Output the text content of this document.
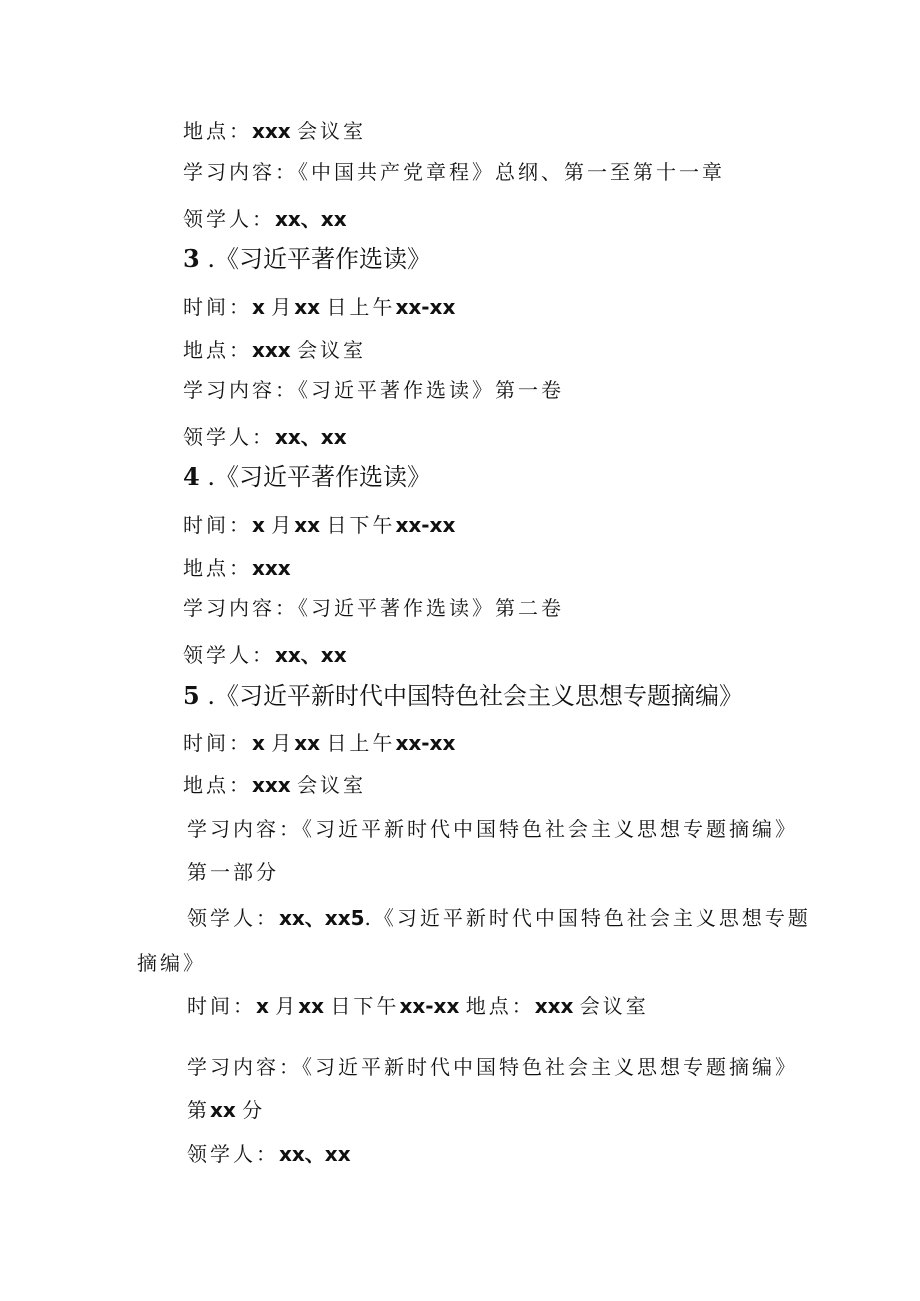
地点：xxx 会议室

学习内容：《中国共产党章程》总纲、第一至第十一章

领学人：xx、xx

3 .《习近平著作选读》

时间：x 月xx 日上午xx-xx

地点：xxx 会议室

学习内容：《习近平著作选读》第一卷

领学人：xx、xx

4 .《习近平著作选读》

时间：x 月xx 日下午xx-xx

地点：xxx

学习内容：《习近平著作选读》第二卷

领学人：xx、xx

5 .《习近平新时代中国特色社会主义思想专题摘编》

时间：x 月xx 日上午xx-xx

地点：xxx 会议室

学习内容：《习近平新时代中国特色社会主义思想专题摘编》

第一部分

领学人：xx、xx5.《习近平新时代中国特色社会主义思想专题

摘编》

时间：x 月xx 日下午xx-xx 地点：xxx 会议室

学习内容：《习近平新时代中国特色社会主义思想专题摘编》

第xx 分

领学人：xx、xx
